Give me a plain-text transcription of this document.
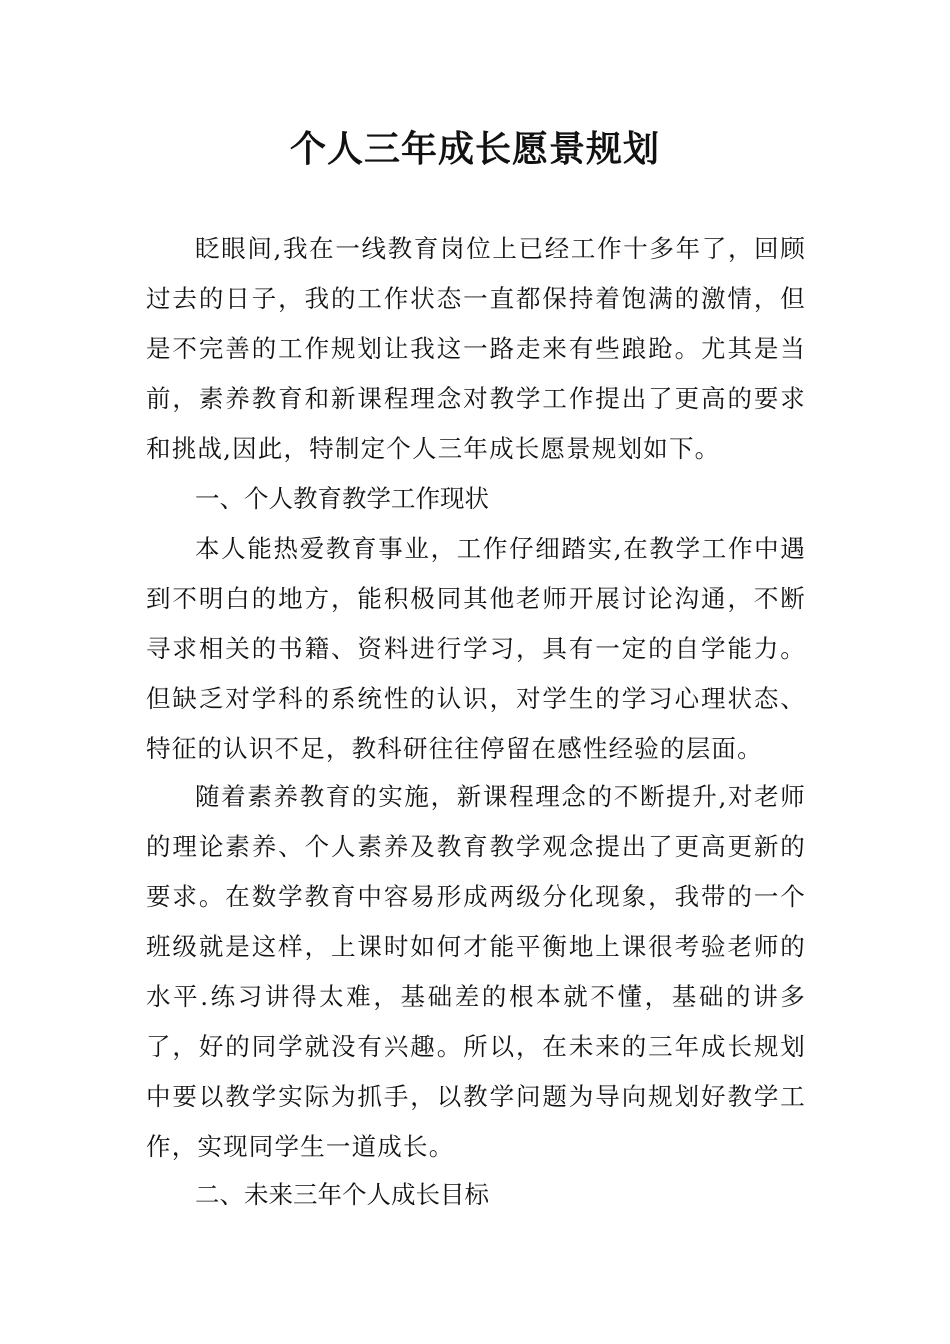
个人三年成长愿景规划

眨眼间,我在一线教育岗位上已经工作十多年了，回顾过去的日子，我的工作状态一直都保持着饱满的激情，但是不完善的工作规划让我这一路走来有些踉跄。尤其是当前，素养教育和新课程理念对教学工作提出了更高的要求和挑战,因此，特制定个人三年成长愿景规划如下。

一、个人教育教学工作现状

本人能热爱教育事业，工作仔细踏实,在教学工作中遇到不明白的地方，能积极同其他老师开展讨论沟通，不断寻求相关的书籍、资料进行学习，具有一定的自学能力。但缺乏对学科的系统性的认识，对学生的学习心理状态、特征的认识不足，教科研往往停留在感性经验的层面。

随着素养教育的实施，新课程理念的不断提升,对老师的理论素养、个人素养及教育教学观念提出了更高更新的要求。在数学教育中容易形成两级分化现象，我带的一个班级就是这样，上课时如何才能平衡地上课很考验老师的水平.练习讲得太难，基础差的根本就不懂，基础的讲多了，好的同学就没有兴趣。所以，在未来的三年成长规划中要以教学实际为抓手，以教学问题为导向规划好教学工作，实现同学生一道成长。

二、未来三年个人成长目标
